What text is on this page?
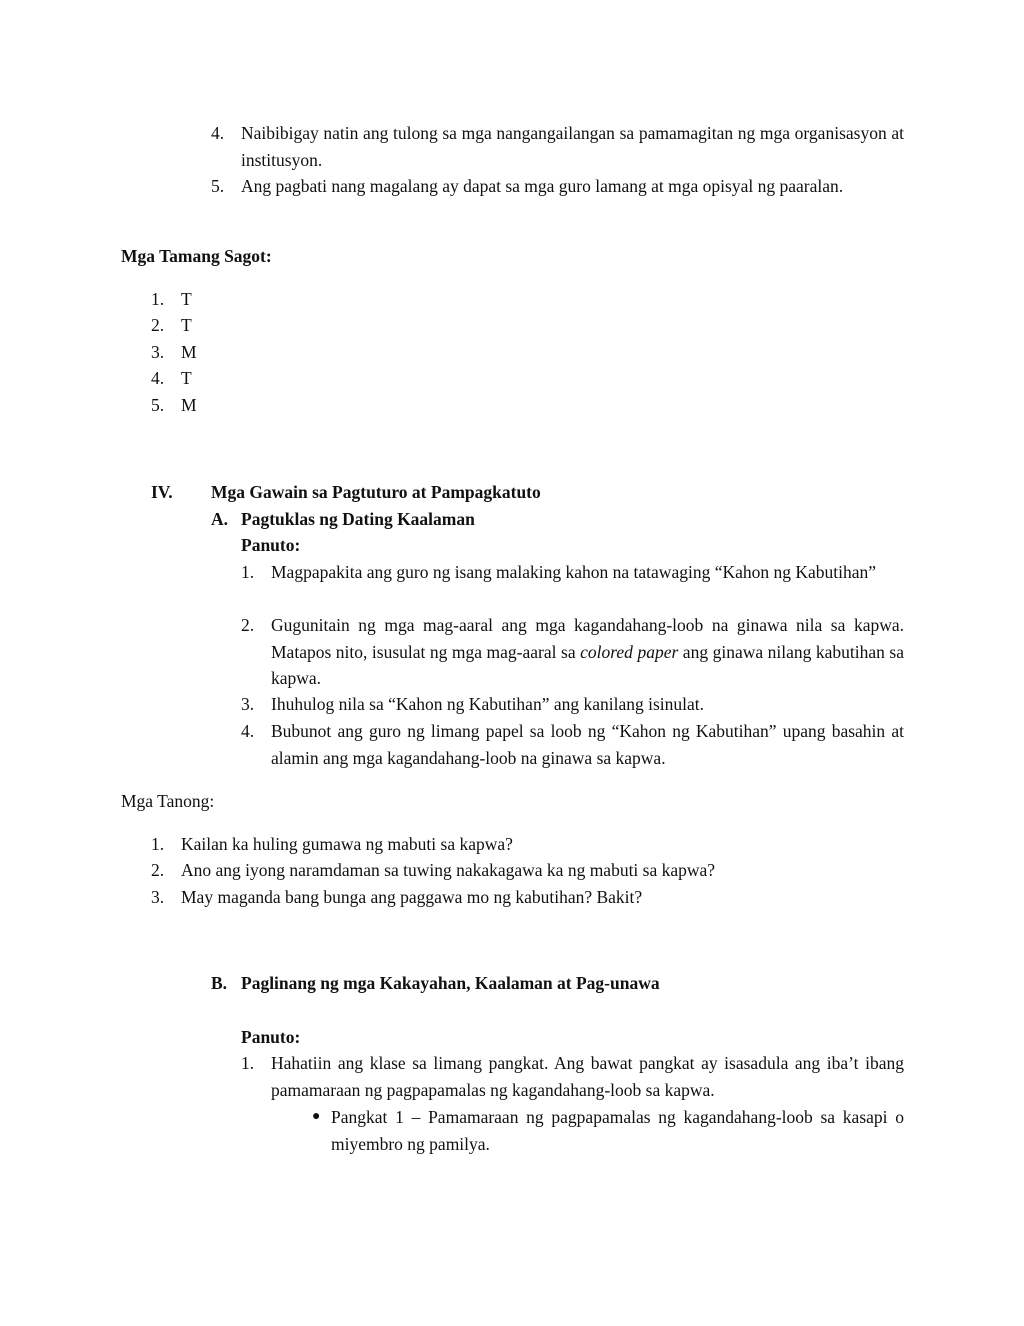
4. Naibibigay natin ang tulong sa mga nangangailangan sa pamamagitan ng mga organisasyon at institusyon.
5. Ang pagbati nang magalang ay dapat sa mga guro lamang at mga opisyal ng paaralan.
Mga Tamang Sagot:
1. T
2. T
3. M
4. T
5. M
IV. Mga Gawain sa Pagtuturo at Pampagkatuto
A. Pagtuklas ng Dating Kaalaman
Panuto:
1. Magpapakita ang guro ng isang malaking kahon na tatawaging “Kahon ng Kabutihan”
2. Gugunitain ng mga mag-aaral ang mga kagandahang-loob na ginawa nila sa kapwa. Matapos nito, isusulat ng mga mag-aaral sa colored paper ang ginawa nilang kabutihan sa kapwa.
3. Ihuhulog nila sa “Kahon ng Kabutihan” ang kanilang isinulat.
4. Bubunot ang guro ng limang papel sa loob ng “Kahon ng Kabutihan” upang basahin at alamin ang mga kagandahang-loob na ginawa sa kapwa.
Mga Tanong:
1. Kailan ka huling gumawa ng mabuti sa kapwa?
2. Ano ang iyong naramdaman sa tuwing nakakagawa ka ng mabuti sa kapwa?
3. May maganda bang bunga ang paggawa mo ng kabutihan? Bakit?
B. Paglinang ng mga Kakayahan, Kaalaman at Pag-unawa
Panuto:
1. Hahatiin ang klase sa limang pangkat. Ang bawat pangkat ay isasadula ang iba’t ibang pamamaraan ng pagpapamalas ng kagandahang-loob sa kapwa.
● Pangkat 1 – Pamamaraan ng pagpapamalas ng kagandahang-loob sa kasapi o miyembro ng pamilya.
